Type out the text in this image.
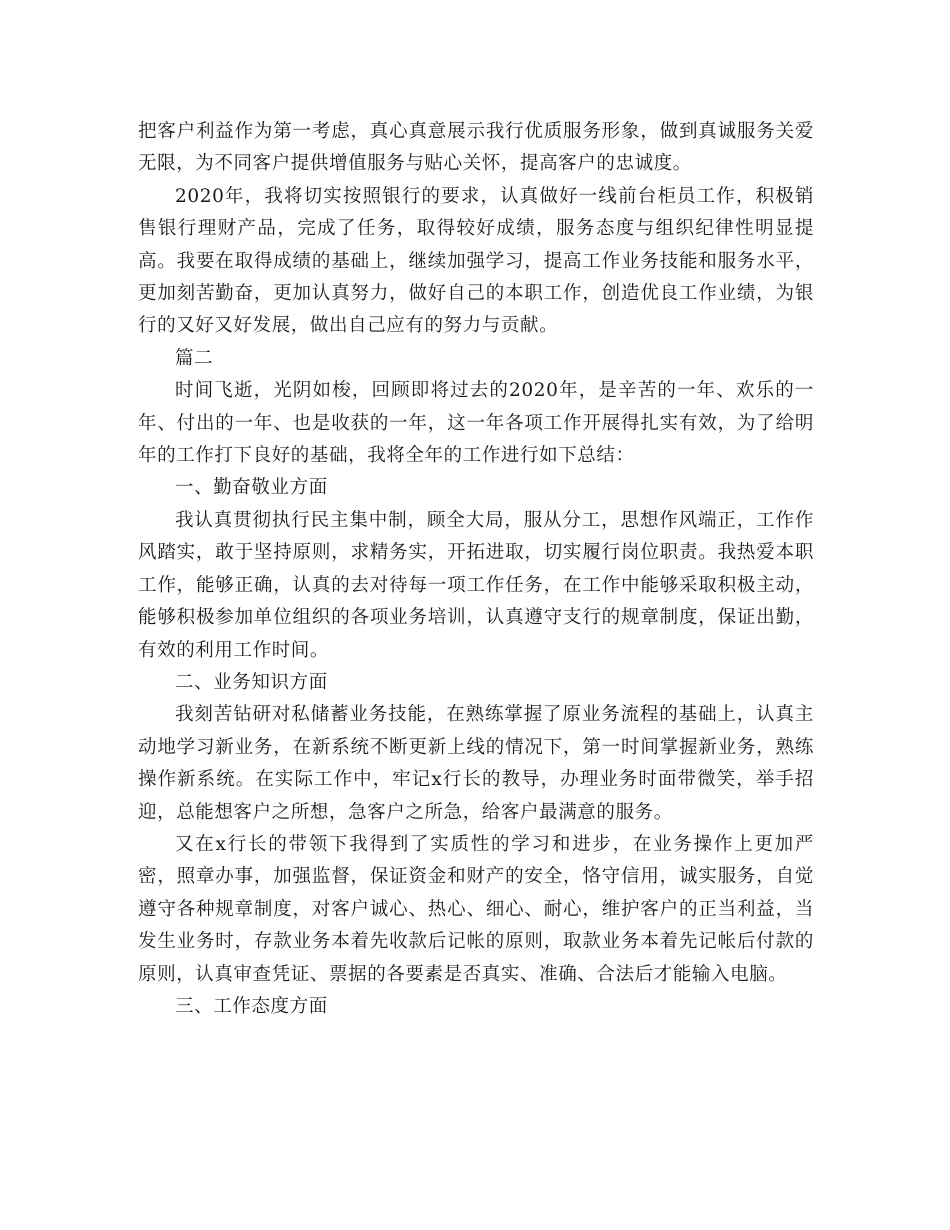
把客户利益作为第一考虑，真心真意展示我行优质服务形象，做到真诚服务关爱无限，为不同客户提供增值服务与贴心关怀，提高客户的忠诚度。

2020年，我将切实按照银行的要求，认真做好一线前台柜员工作，积极销售银行理财产品，完成了任务，取得较好成绩，服务态度与组织纪律性明显提高。我要在取得成绩的基础上，继续加强学习，提高工作业务技能和服务水平，更加刻苦勤奋，更加认真努力，做好自己的本职工作，创造优良工作业绩，为银行的又好又好发展，做出自己应有的努力与贡献。

篇二

时间飞逝，光阴如梭，回顾即将过去的2020年，是辛苦的一年、欢乐的一年、付出的一年、也是收获的一年，这一年各项工作开展得扎实有效，为了给明年的工作打下良好的基础，我将全年的工作进行如下总结：

一、勤奋敬业方面

我认真贯彻执行民主集中制，顾全大局，服从分工，思想作风端正，工作作风踏实，敢于坚持原则，求精务实，开拓进取，切实履行岗位职责。我热爱本职工作，能够正确，认真的去对待每一项工作任务，在工作中能够采取积极主动，能够积极参加单位组织的各项业务培训，认真遵守支行的规章制度，保证出勤，有效的利用工作时间。

二、业务知识方面

我刻苦钻研对私储蓄业务技能，在熟练掌握了原业务流程的基础上，认真主动地学习新业务，在新系统不断更新上线的情况下，第一时间掌握新业务，熟练操作新系统。在实际工作中，牢记x行长的教导，办理业务时面带微笑，举手招迎，总能想客户之所想，急客户之所急，给客户最满意的服务。

又在x行长的带领下我得到了实质性的学习和进步，在业务操作上更加严密，照章办事，加强监督，保证资金和财产的安全，恪守信用，诚实服务，自觉遵守各种规章制度，对客户诚心、热心、细心、耐心，维护客户的正当利益，当发生业务时，存款业务本着先收款后记帐的原则，取款业务本着先记帐后付款的原则，认真审查凭证、票据的各要素是否真实、准确、合法后才能输入电脑。

三、工作态度方面
